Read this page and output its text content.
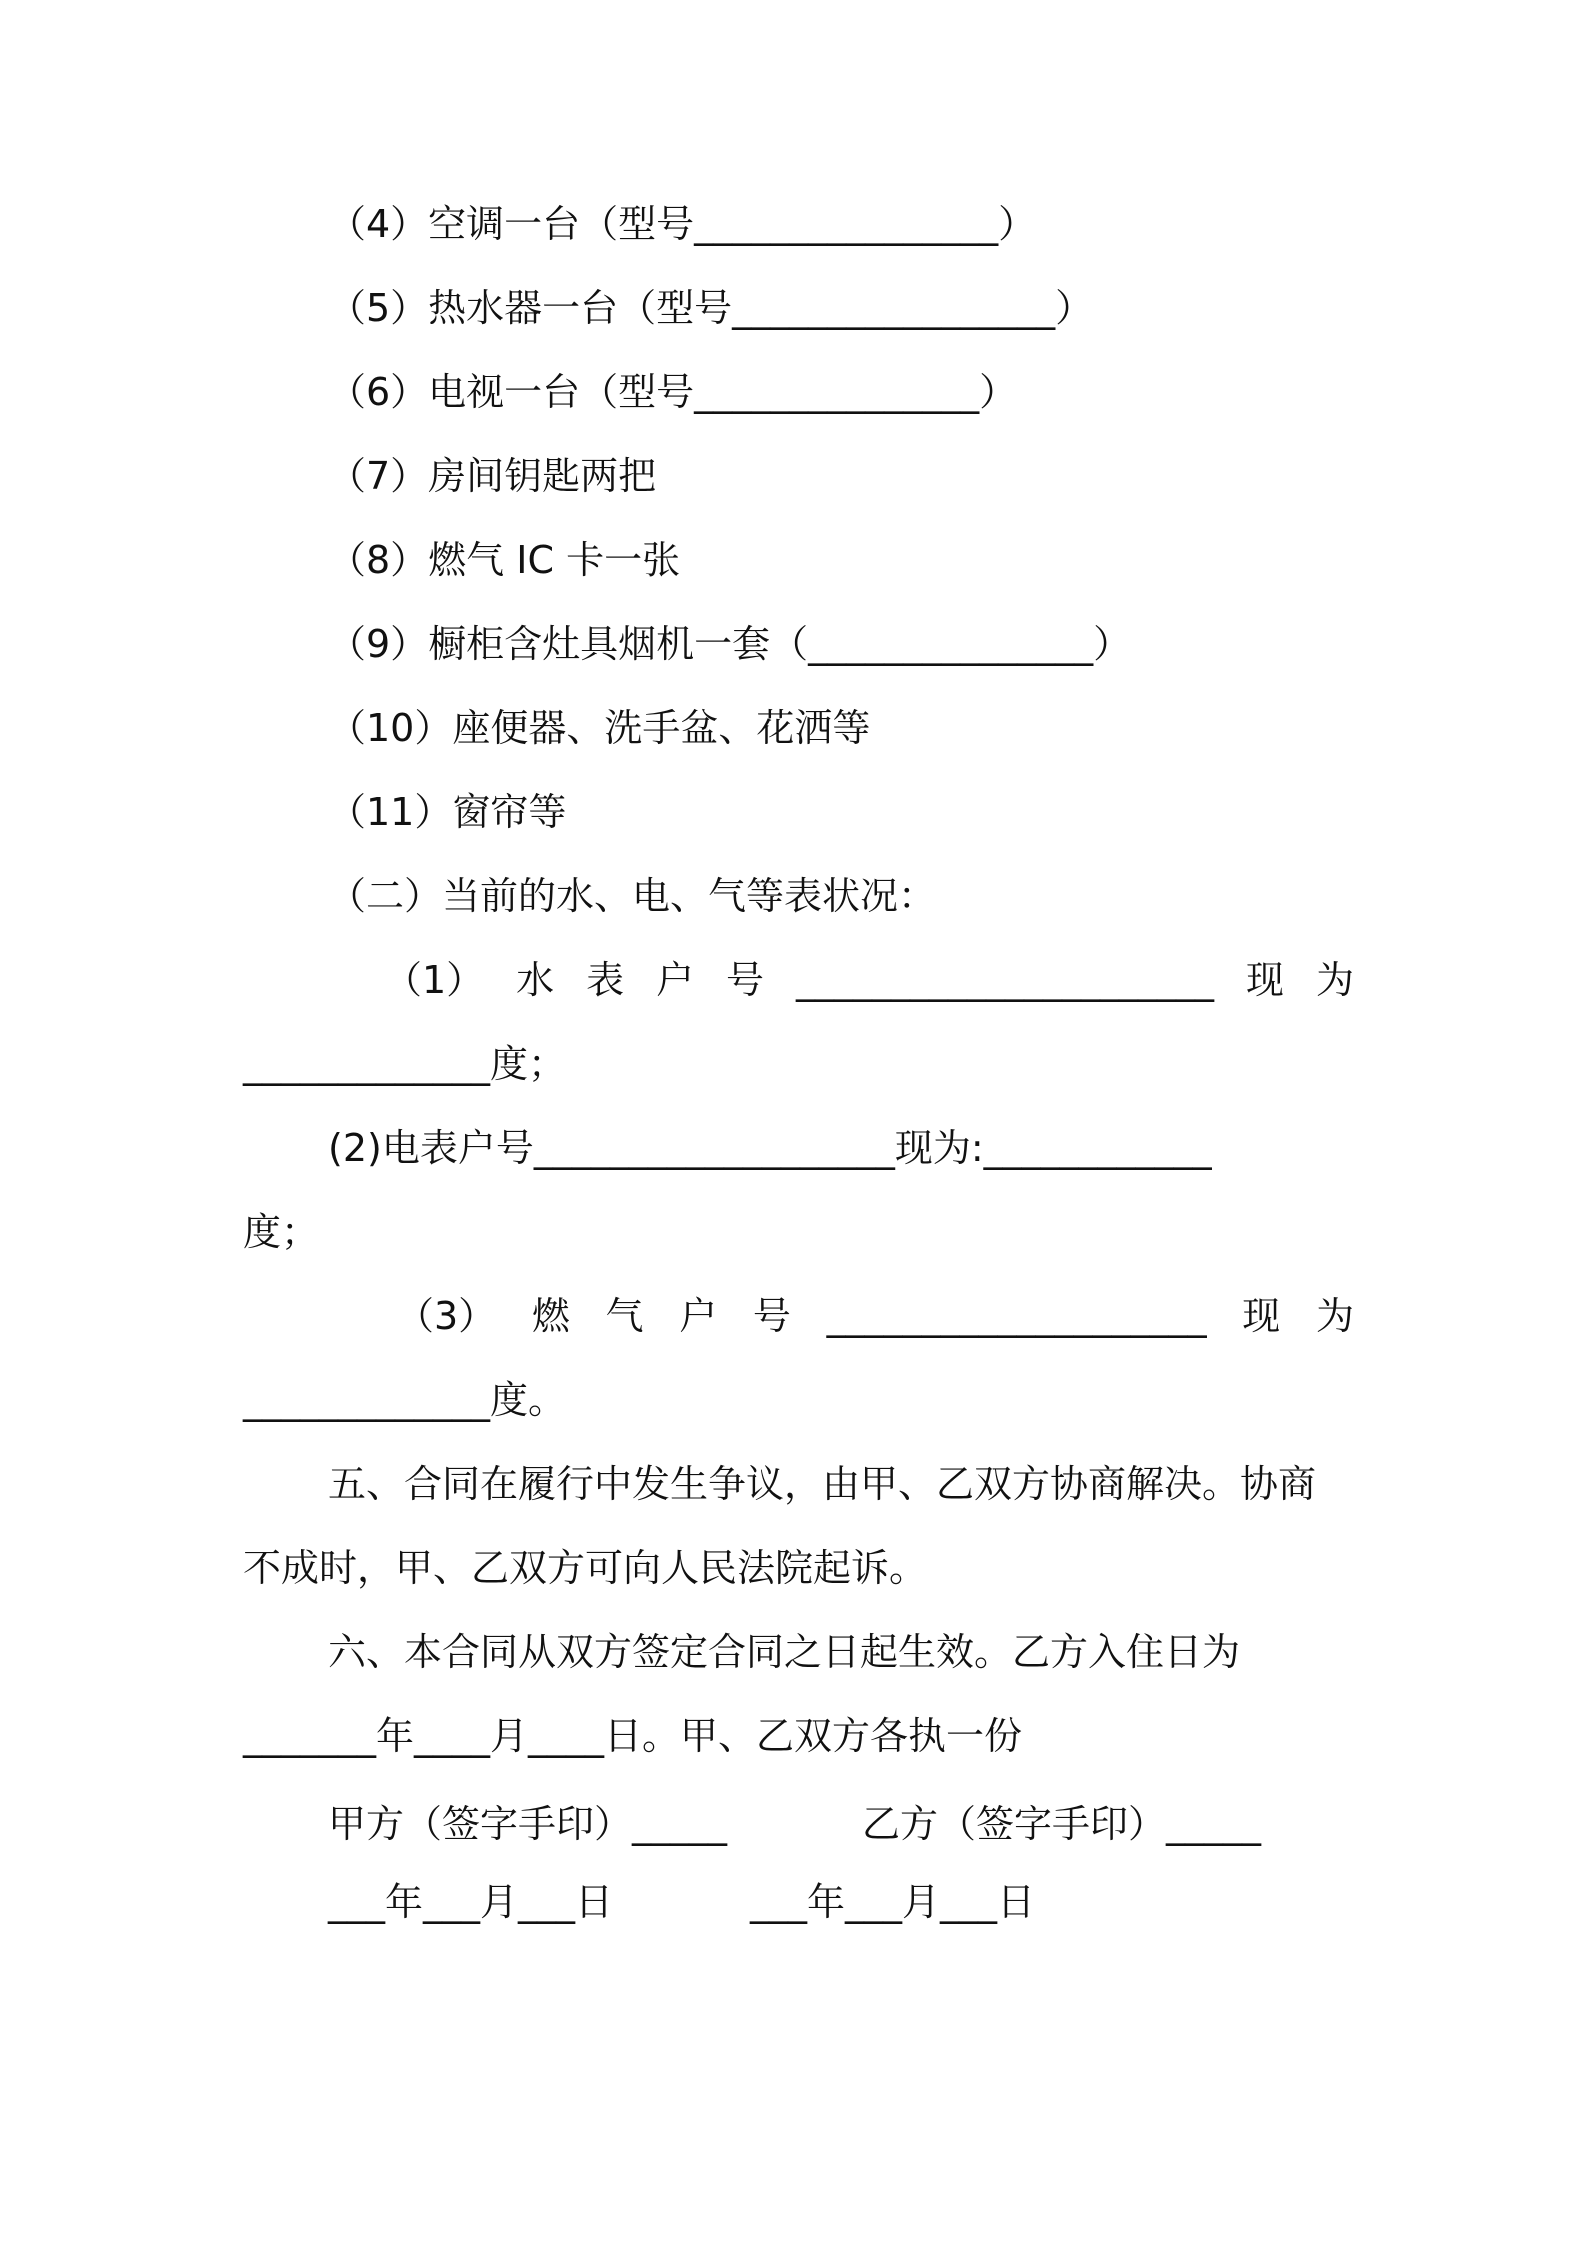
（4）空调一台（型号________________）
（5）热水器一台（型号_________________）
（6）电视一台（型号_______________）
（7）房间钥匙两把
（8）燃气 IC 卡一张
（9）橱柜含灶具烟机一套（_______________）
（10）座便器、洗手盆、花洒等
（11）窗帘等
（二）当前的水、电、气等表状况：
（1） 水 表 户 号 ______________________ 现 为
_____________度；
(2)电表户号___________________现为:____________
度；
（3） 燃 气 户 号 ____________________ 现 为
_____________度。
五、合同在履行中发生争议，由甲、乙双方协商解决。协商
不成时，甲、乙双方可向人民法院起诉。
六、本合同从双方签定合同之日起生效。乙方入住日为
_______年____月____日。甲、乙双方各执一份
甲方（签字手印）_____	乙方（签字手印）_____
___年___月___日	___年___月___日
